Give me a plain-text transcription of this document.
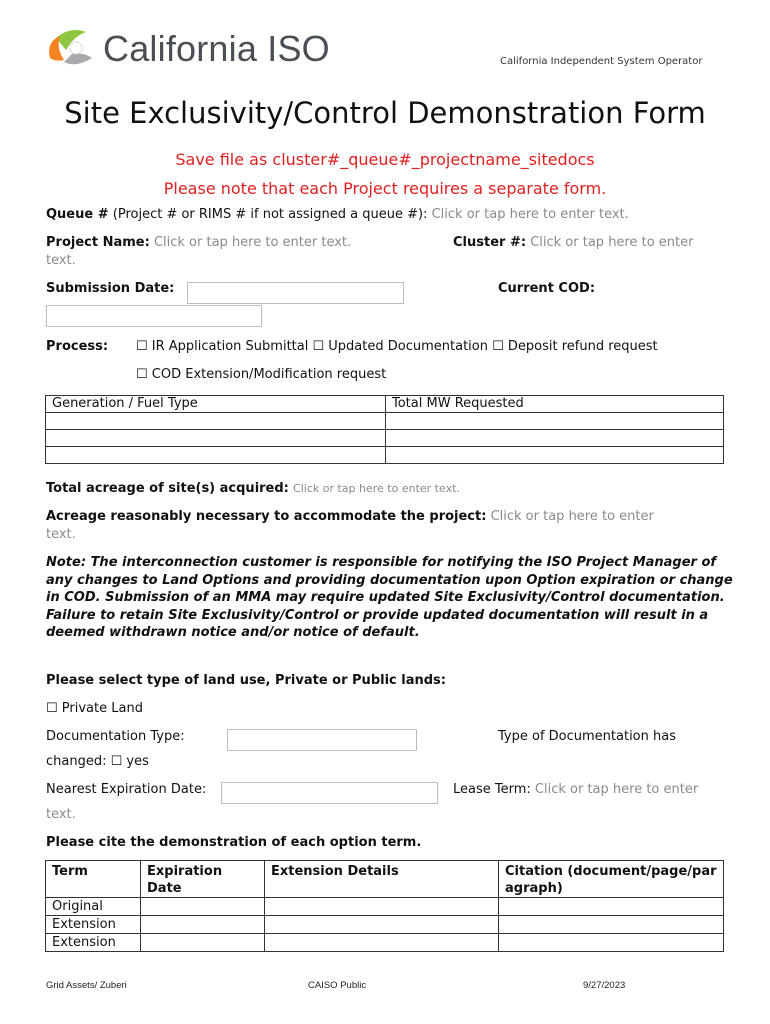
California ISO	California Independent System Operator
Site Exclusivity/Control Demonstration Form
Save file as cluster#_queue#_projectname_sitedocs
Please note that each Project requires a separate form.
Queue # (Project # or RIMS # if not assigned a queue #): Click or tap here to enter text.
Project Name: Click or tap here to enter text.
text.
Cluster #: Click or tap here to enter
Submission Date:	Current COD:
Process: ☐ IR Application Submittal ☐ Updated Documentation ☐ Deposit refund request
☐ COD Extension/Modification request
Generation / Fuel Type	Total MW Requested

Total acreage of site(s) acquired: Click or tap here to enter text.
Acreage reasonably necessary to accommodate the project: Click or tap here to enter
text.
Note: The interconnection customer is responsible for notifying the ISO Project Manager of any changes to Land Options and providing documentation upon Option expiration or change in COD. Submission of an MMA may require updated Site Exclusivity/Control documentation. Failure to retain Site Exclusivity/Control or provide updated documentation will result in a deemed withdrawn notice and/or notice of default.
Please select type of land use, Private or Public lands:
☐ Private Land
Documentation Type:	Type of Documentation has
changed: ☐ yes
Nearest Expiration Date:	Lease Term: Click or tap here to enter
text.
Please cite the demonstration of each option term.
Term	Expiration Date	Extension Details	Citation (document/page/paragraph)
Original			
Extension			
Extension			
Grid Assets/ Zuberi	CAISO Public	9/27/2023
